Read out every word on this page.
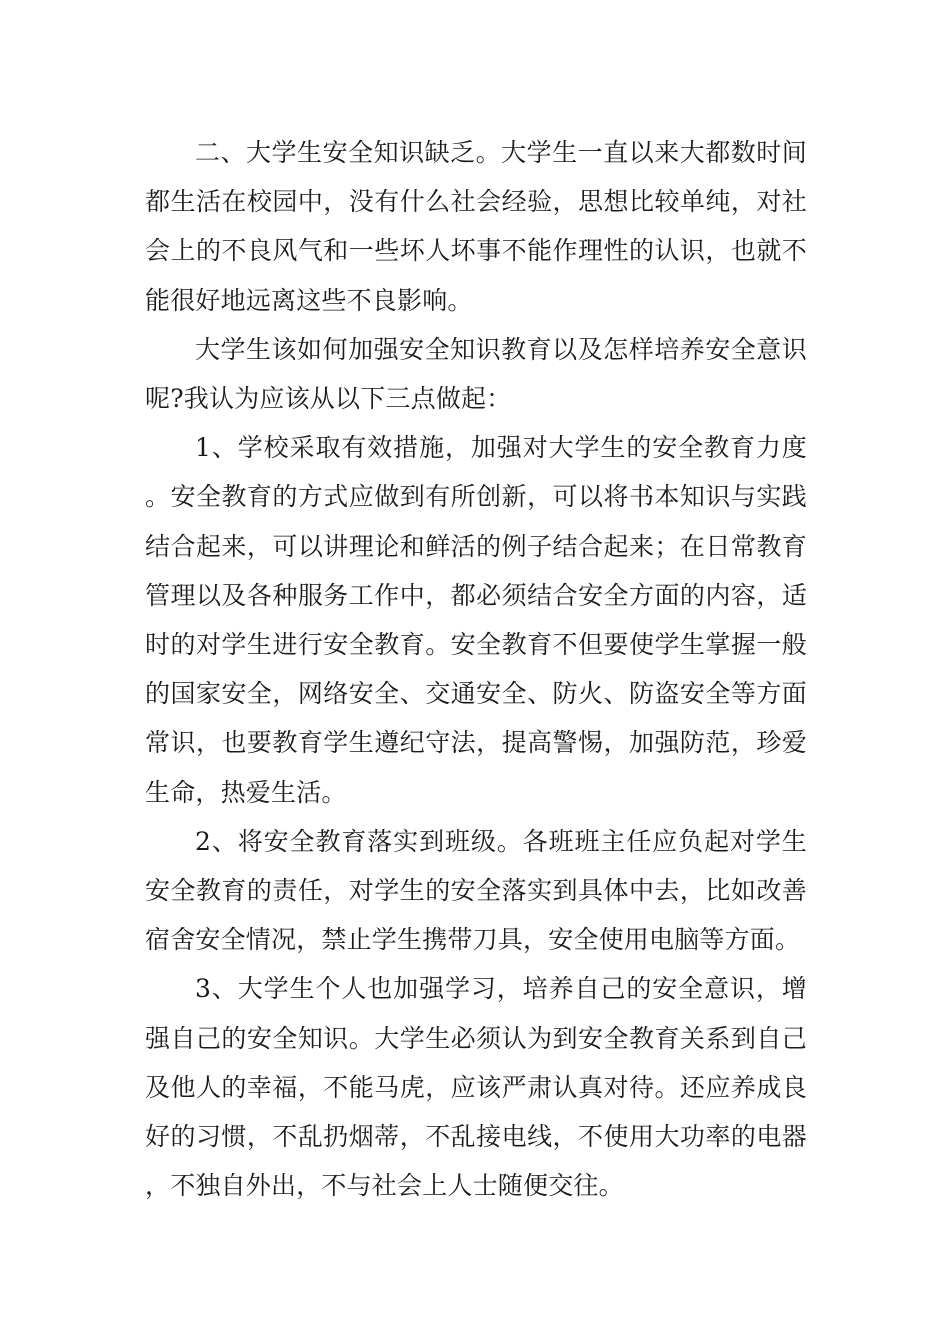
二、大学生安全知识缺乏。大学生一直以来大都数时间都生活在校园中，没有什么社会经验，思想比较单纯，对社会上的不良风气和一些坏人坏事不能作理性的认识，也就不能很好地远离这些不良影响。

大学生该如何加强安全知识教育以及怎样培养安全意识呢?我认为应该从以下三点做起：

1、学校采取有效措施，加强对大学生的安全教育力度。安全教育的方式应做到有所创新，可以将书本知识与实践结合起来，可以讲理论和鲜活的例子结合起来；在日常教育管理以及各种服务工作中，都必须结合安全方面的内容，适时的对学生进行安全教育。安全教育不但要使学生掌握一般的国家安全，网络安全、交通安全、防火、防盗安全等方面常识，也要教育学生遵纪守法，提高警惕，加强防范，珍爱生命，热爱生活。

2、将安全教育落实到班级。各班班主任应负起对学生安全教育的责任，对学生的安全落实到具体中去，比如改善宿舍安全情况，禁止学生携带刀具，安全使用电脑等方面。

3、大学生个人也加强学习，培养自己的安全意识，增强自己的安全知识。大学生必须认为到安全教育关系到自己及他人的幸福，不能马虎，应该严肃认真对待。还应养成良好的习惯，不乱扔烟蒂，不乱接电线，不使用大功率的电器，不独自外出，不与社会上人士随便交往。
